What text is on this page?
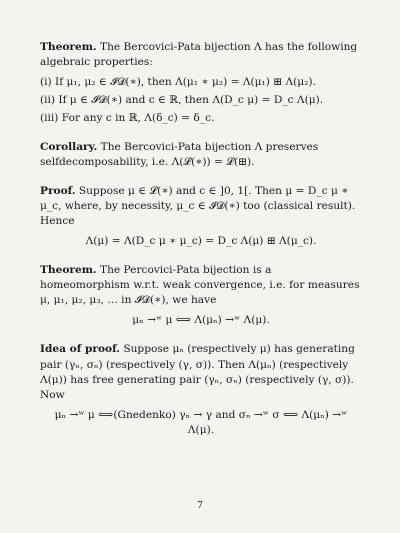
Theorem. The Bercovici-Pata bijection Λ has the following algebraic properties:

(i) If μ₁, μ₂ ∈ 𝓘𝓓(∗), then Λ(μ₁ ∗ μ₂) = Λ(μ₁) ⊞ Λ(μ₂).

(ii) If μ ∈ 𝓘𝓓(∗) and c ∈ ℝ, then Λ(D_c μ) = D_c Λ(μ).

(iii) For any c in ℝ, Λ(δ_c) = δ_c.

Corollary. The Bercovici-Pata bijection Λ preserves selfdecomposability, i.e. Λ(𝓛(∗)) = 𝓛(⊞).

Proof. Suppose μ ∈ 𝓛(∗) and c ∈ ]0, 1[. Then μ = D_c μ ∗ μ_c, where, by necessity, μ_c ∈ 𝓘𝓓(∗) too (classical result). Hence

Λ(μ) = Λ(D_c μ ∗ μ_c) = D_c Λ(μ) ⊞ Λ(μ_c).

Theorem. The Percovici-Pata bijection is a homeomorphism w.r.t. weak convergence, i.e. for measures μ, μ₁, μ₂, μ₃, … in 𝓘𝓓(∗), we have

μₙ →ʷ μ ⟺ Λ(μₙ) →ʷ Λ(μ).

Idea of proof. Suppose μₙ (respectively μ) has generating pair (γₙ, σₙ) (respectively (γ, σ)). Then Λ(μₙ) (respectively Λ(μ)) has free generating pair (γₙ, σₙ) (respectively (γ, σ)). Now

μₙ →ʷ μ ⟺(Gnedenko) γₙ → γ and σₙ →ʷ σ ⟺ Λ(μₙ) →ʷ Λ(μ).

7
